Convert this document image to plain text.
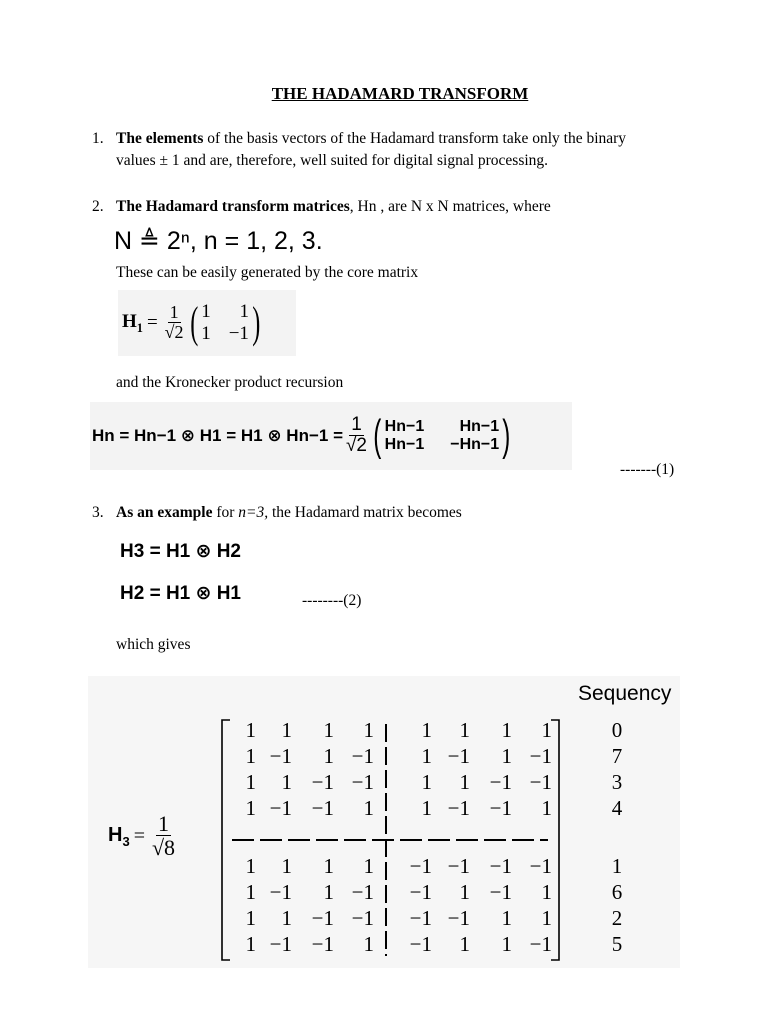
THE HADAMARD TRANSFORM
1. The elements of the basis vectors of the Hadamard transform take only the binary
values ± 1 and are, therefore, well suited for digital signal processing.
2. The Hadamard transform matrices, Hn , are N x N matrices, where
N ≜ 2ⁿ, n = 1, 2, 3.
These can be easily generated by the core matrix
$H_1 = \frac{1}{√2}$ ( 1	1
1 −1 )
and the Kronecker product recursion
Hn = Hn−1 ⊗ H1 = H1 ⊗ $Hn-1 = \frac{1}{√2}$ ( Hn−1	Hn−1
Hn−1 −Hn−1 )
-------(1)
3. As an example for n=3, the Hadamard matrix becomes
H3 = H1 ⊗ H2
H2 = H1 ⊗ H1	--------(2)
which gives
Sequency
$H_3 = \frac{1}{√8}$
1	1	1	1	1	1	1	1	0
1 −1	1 −1	1 −1	1 −1	7
1	1 −1 −1	1	1 −1 −1	3
1 −1 −1	1	1 −1 −1	1	4
1	1	1	1	−1 −1 −1 −1	1
1 −1	1 −1	−1	1 −1	1	6
1	1 −1 −1	−1 −1	1	1	2
1 −1 −1	1	−1	1	1 −1	5
